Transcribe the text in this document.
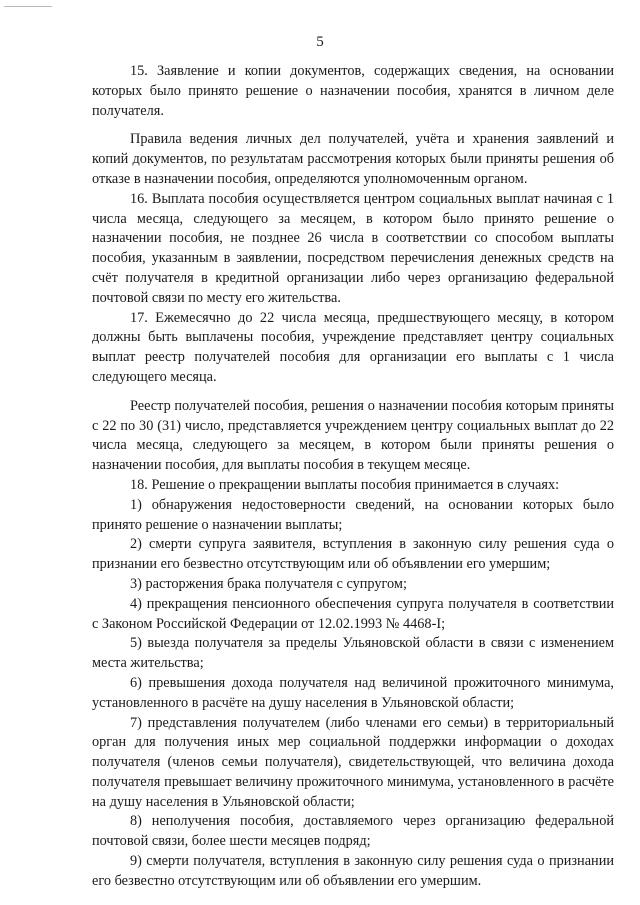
5

15. Заявление и копии документов, содержащих сведения, на основании которых было принято решение о назначении пособия, хранятся в личном деле получателя.

Правила ведения личных дел получателей, учёта и хранения заявлений и копий документов, по результатам рассмотрения которых были приняты решения об отказе в назначении пособия, определяются уполномоченным органом.

16. Выплата пособия осуществляется центром социальных выплат начиная с 1 числа месяца, следующего за месяцем, в котором было принято решение о назначении пособия, не позднее 26 числа в соответствии со способом выплаты пособия, указанным в заявлении, посредством перечисления денежных средств на счёт получателя в кредитной организации либо через организацию федеральной почтовой связи по месту его жительства.

17. Ежемесячно до 22 числа месяца, предшествующего месяцу, в котором должны быть выплачены пособия, учреждение представляет центру социальных выплат реестр получателей пособия для организации его выплаты с 1 числа следующего месяца.

Реестр получателей пособия, решения о назначении пособия которым приняты с 22 по 30 (31) число, представляется учреждением центру социальных выплат до 22 числа месяца, следующего за месяцем, в котором были приняты решения о назначении пособия, для выплаты пособия в текущем месяце.

18. Решение о прекращении выплаты пособия принимается в случаях:

1) обнаружения недостоверности сведений, на основании которых было принято решение о назначении выплаты;

2) смерти супруга заявителя, вступления в законную силу решения суда о признании его безвестно отсутствующим или об объявлении его умершим;

3) расторжения брака получателя с супругом;

4) прекращения пенсионного обеспечения супруга получателя в соответствии с Законом Российской Федерации от 12.02.1993 № 4468-I;

5) выезда получателя за пределы Ульяновской области в связи с изменением места жительства;

6) превышения дохода получателя над величиной прожиточного минимума, установленного в расчёте на душу населения в Ульяновской области;

7) представления получателем (либо членами его семьи) в территориальный орган для получения иных мер социальной поддержки информации о доходах получателя (членов семьи получателя), свидетельствующей, что величина дохода получателя превышает величину прожиточного минимума, установленного в расчёте на душу населения в Ульяновской области;

8) неполучения пособия, доставляемого через организацию федеральной почтовой связи, более шести месяцев подряд;

9) смерти получателя, вступления в законную силу решения суда о признании его безвестно отсутствующим или об объявлении его умершим.
